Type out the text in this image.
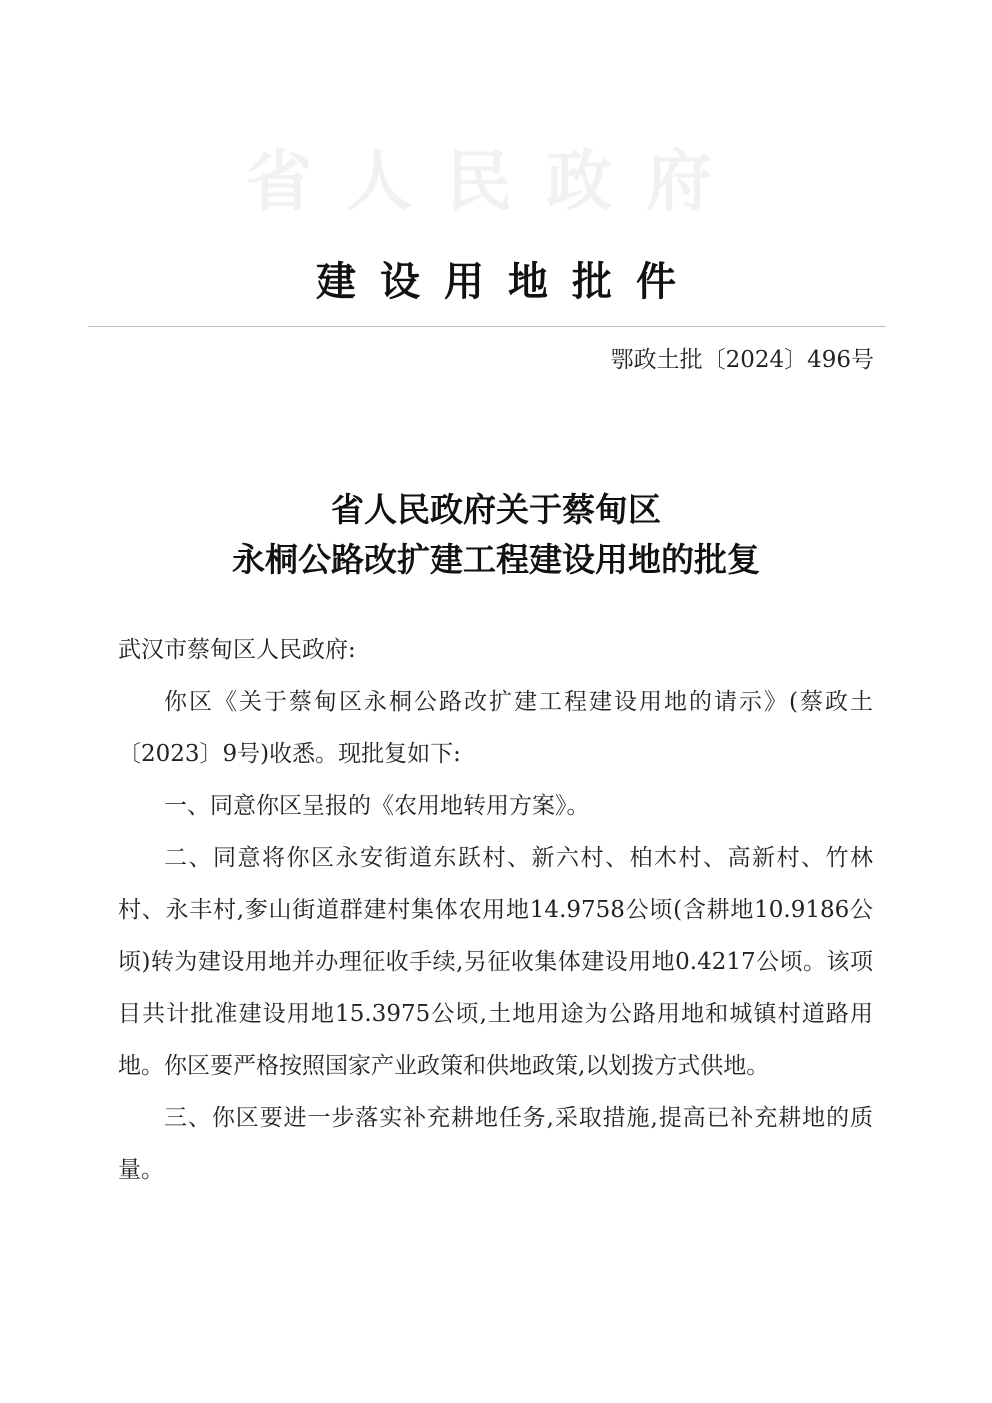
省人民政府
建设用地批件
鄂政土批〔2024〕496号
省人民政府关于蔡甸区
永桐公路改扩建工程建设用地的批复

武汉市蔡甸区人民政府:

你区《关于蔡甸区永桐公路改扩建工程建设用地的请示》(蔡政土〔2023〕9号)收悉。现批复如下:

一、同意你区呈报的《农用地转用方案》。

二、同意将你区永安街道东跃村、新六村、柏木村、高新村、竹林村、永丰村,奓山街道群建村集体农用地14.9758公顷(含耕地10.9186公顷)转为建设用地并办理征收手续,另征收集体建设用地0.4217公顷。该项目共计批准建设用地15.3975公顷,土地用途为公路用地和城镇村道路用地。你区要严格按照国家产业政策和供地政策,以划拨方式供地。

三、你区要进一步落实补充耕地任务,采取措施,提高已补充耕地的质量。
